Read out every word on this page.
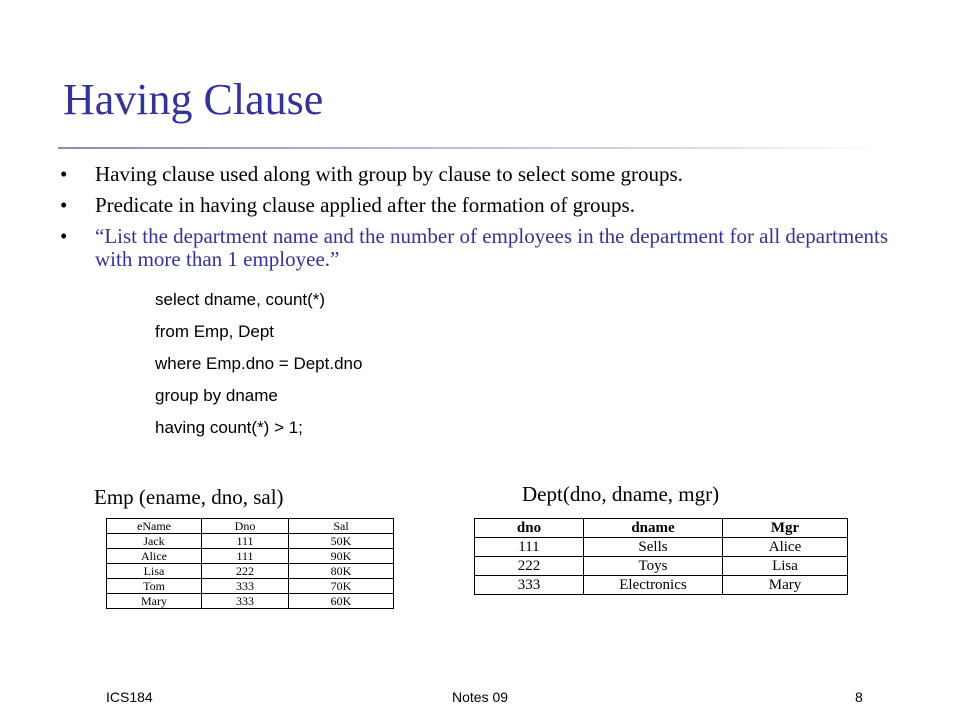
Having Clause
• Having clause used along with group by clause to select some groups.
• Predicate in having clause applied after the formation of groups.
• “List the department name and the number of employees in the department for all departments with more than 1 employee.”
select dname, count(*)
from Emp, Dept
where Emp.dno = Dept.dno
group by dname
having count(*) > 1;
Emp (ename, dno, sal)	Dept(dno, dname, mgr)
eName	Dno	Sal
Jack	111	50K
Alice	111	90K
Lisa	222	80K
Tom	333	70K
Mary	333	60K
dno	dname	Mgr
111	Sells	Alice
222	Toys	Lisa
333	Electronics	Mary
ICS184	Notes 09	8
